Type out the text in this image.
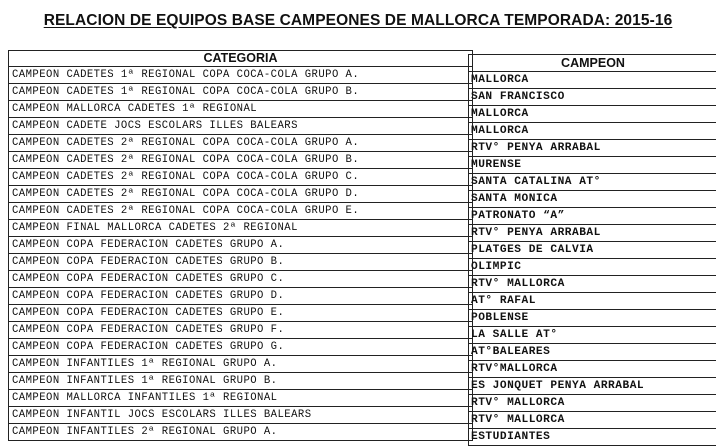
RELACION DE EQUIPOS BASE CAMPEONES DE MALLORCA TEMPORADA: 2015-16
CATEGORIA
CAMPEON CADETES 1ª REGIONAL COPA COCA-COLA GRUPO A.
CAMPEON CADETES 1ª REGIONAL COPA COCA-COLA GRUPO B.
CAMPEON MALLORCA CADETES 1ª REGIONAL
CAMPEON CADETE JOCS ESCOLARS ILLES BALEARS
CAMPEON CADETES 2ª REGIONAL COPA COCA-COLA GRUPO A.
CAMPEON CADETES 2ª REGIONAL COPA COCA-COLA GRUPO B.
CAMPEON CADETES 2ª REGIONAL COPA COCA-COLA GRUPO C.
CAMPEON CADETES 2ª REGIONAL COPA COCA-COLA GRUPO D.
CAMPEON CADETES 2ª REGIONAL COPA COCA-COLA GRUPO E.
CAMPEON FINAL MALLORCA CADETES 2ª REGIONAL
CAMPEON COPA FEDERACION CADETES GRUPO A.
CAMPEON COPA FEDERACION CADETES GRUPO B.
CAMPEON COPA FEDERACION CADETES GRUPO C.
CAMPEON COPA FEDERACION CADETES GRUPO D.
CAMPEON COPA FEDERACION CADETES GRUPO E.
CAMPEON COPA FEDERACION CADETES GRUPO F.
CAMPEON COPA FEDERACION CADETES GRUPO G.
CAMPEON INFANTILES 1ª REGIONAL GRUPO A.
CAMPEON INFANTILES 1ª REGIONAL GRUPO B.
CAMPEON MALLORCA INFANTILES 1ª REGIONAL
CAMPEON INFANTIL JOCS ESCOLARS ILLES BALEARS
CAMPEON INFANTILES 2ª REGIONAL GRUPO A.
CAMPEON
MALLORCA
SAN FRANCISCO
MALLORCA
MALLORCA
RTV° PENYA ARRABAL
MURENSE
SANTA CATALINA AT°
SANTA MONICA
PATRONATO “A”
RTV° PENYA ARRABAL
PLATGES DE CALVIA
OLIMPIC
RTV° MALLORCA
AT° RAFAL
POBLENSE
LA SALLE AT°
AT°BALEARES
RTV°MALLORCA
ES JONQUET PENYA ARRABAL
RTV° MALLORCA
RTV° MALLORCA
ESTUDIANTES
